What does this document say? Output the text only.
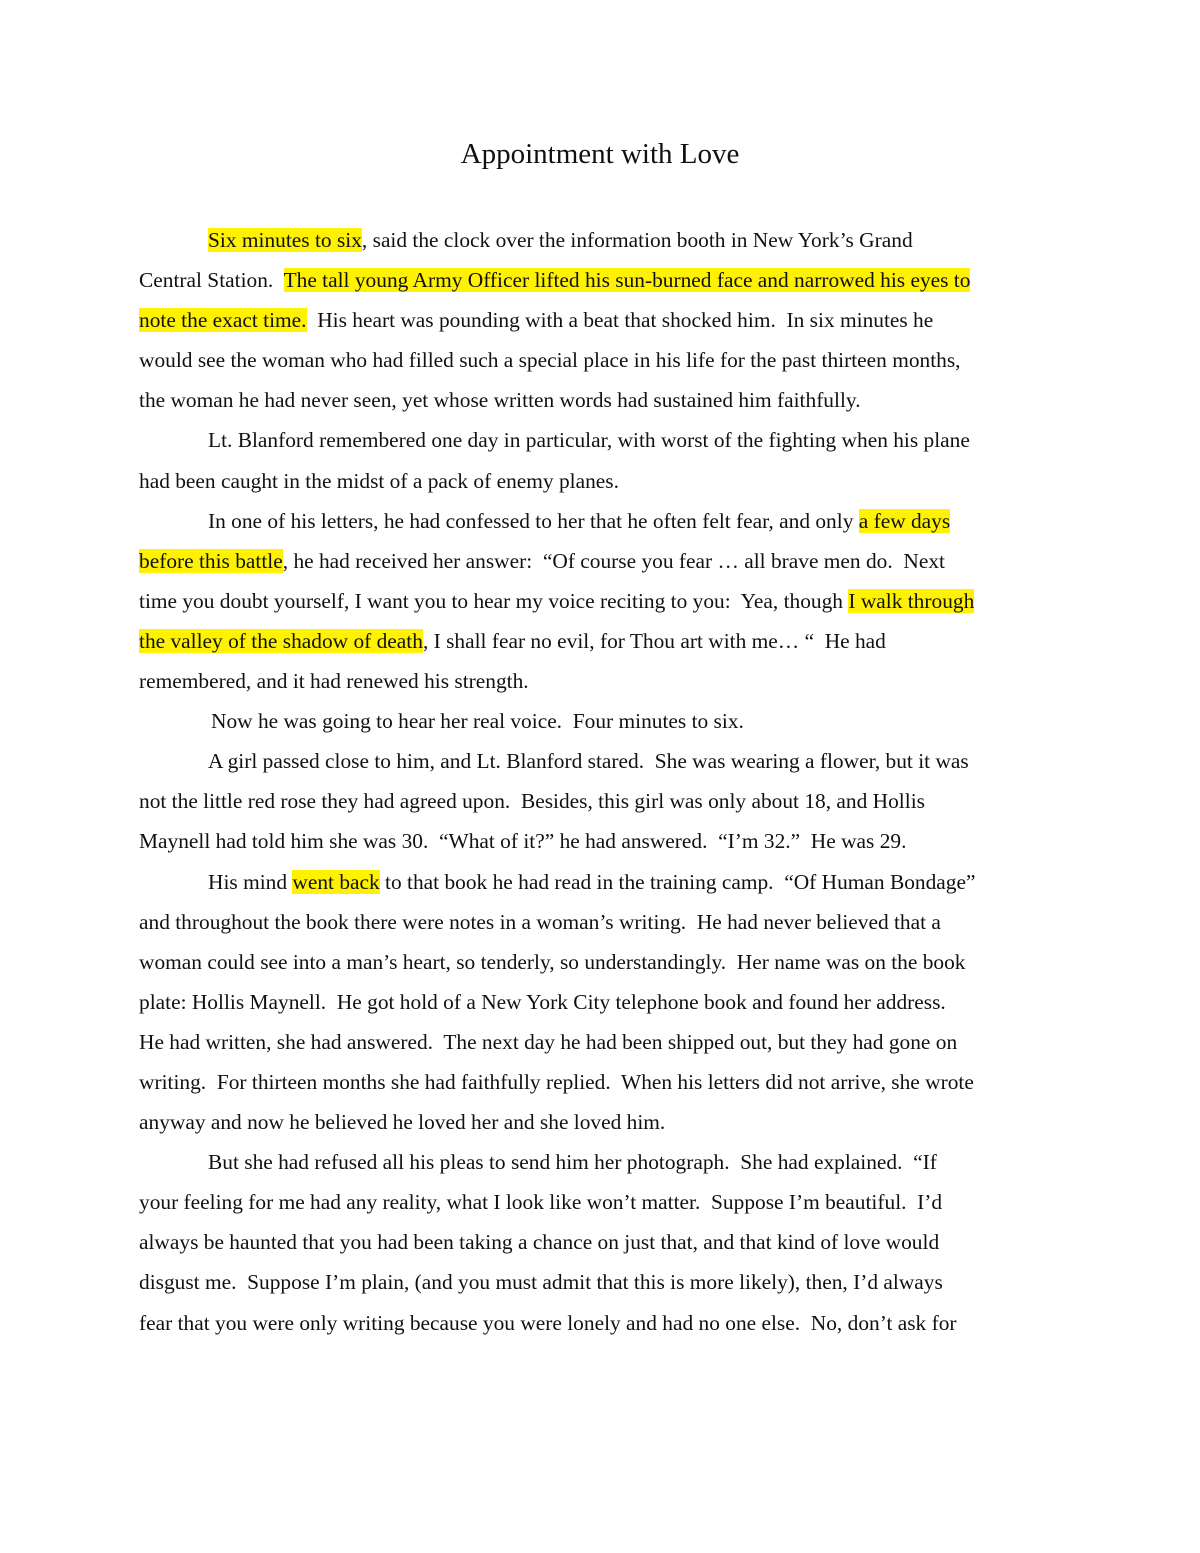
Appointment with Love

Six minutes to six, said the clock over the information booth in New York’s Grand
Central Station.  The tall young Army Officer lifted his sun-burned face and narrowed his eyes to
note the exact time.  His heart was pounding with a beat that shocked him.  In six minutes he
would see the woman who had filled such a special place in his life for the past thirteen months,
the woman he had never seen, yet whose written words had sustained him faithfully.

Lt. Blanford remembered one day in particular, with worst of the fighting when his plane
had been caught in the midst of a pack of enemy planes.

In one of his letters, he had confessed to her that he often felt fear, and only a few days
before this battle, he had received her answer:  “Of course you fear … all brave men do.  Next
time you doubt yourself, I want you to hear my voice reciting to you:  Yea, though I walk through
the valley of the shadow of death, I shall fear no evil, for Thou art with me… “  He had
remembered, and it had renewed his strength.

Now he was going to hear her real voice.  Four minutes to six.

A girl passed close to him, and Lt. Blanford stared.  She was wearing a flower, but it was
not the little red rose they had agreed upon.  Besides, this girl was only about 18, and Hollis
Maynell had told him she was 30.  “What of it?” he had answered.  “I’m 32.”  He was 29.

His mind went back to that book he had read in the training camp.  “Of Human Bondage”
and throughout the book there were notes in a woman’s writing.  He had never believed that a
woman could see into a man’s heart, so tenderly, so understandingly.  Her name was on the book
plate: Hollis Maynell.  He got hold of a New York City telephone book and found her address.
He had written, she had answered.  The next day he had been shipped out, but they had gone on
writing.  For thirteen months she had faithfully replied.  When his letters did not arrive, she wrote
anyway and now he believed he loved her and she loved him.

But she had refused all his pleas to send him her photograph.  She had explained.  “If
your feeling for me had any reality, what I look like won’t matter.  Suppose I’m beautiful.  I’d
always be haunted that you had been taking a chance on just that, and that kind of love would
disgust me.  Suppose I’m plain, (and you must admit that this is more likely), then, I’d always
fear that you were only writing because you were lonely and had no one else.  No, don’t ask for
